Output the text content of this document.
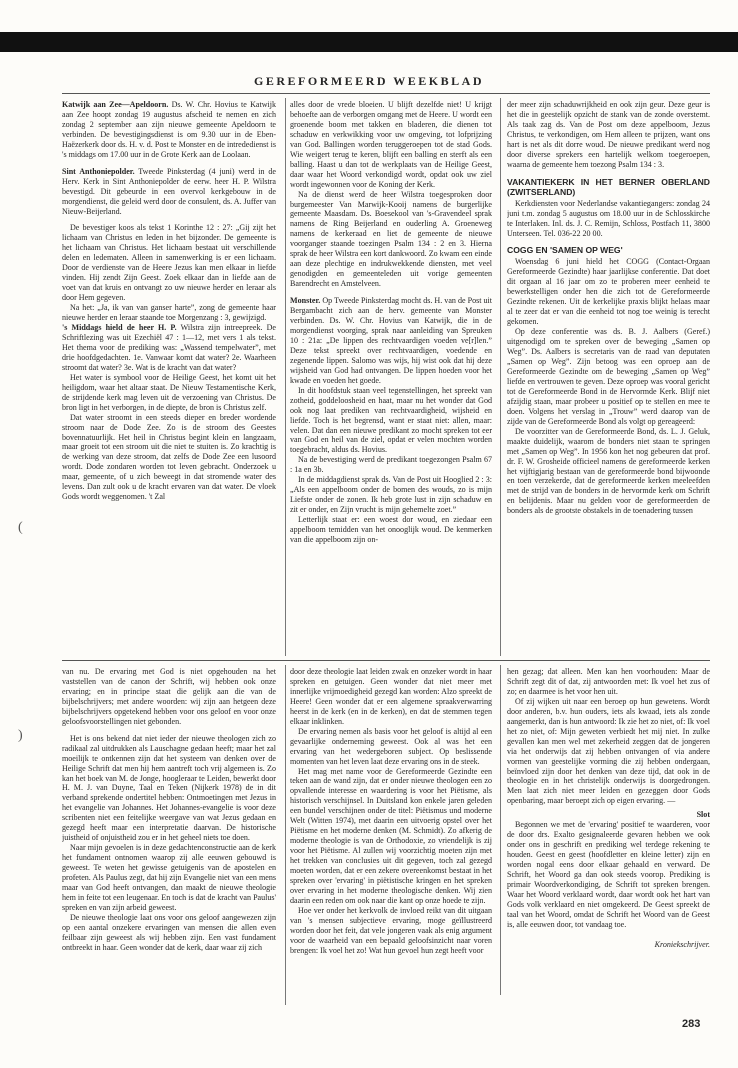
GEREFORMEERD WEEKBLAD

Katwijk aan Zee—Apeldoorn. Ds. W. Chr. Hovius te Katwijk aan Zee hoopt zondag 19 augustus afscheid te nemen en zich zondag 2 september aan zijn nieuwe gemeente Apeldoorn te verbinden. De bevestigingsdienst is om 9.30 uur in de Eben-Haëzerkerk door ds. H. v. d. Post te Monster en de intrededienst is 's middags om 17.00 uur in de Grote Kerk aan de Loolaan.

Sint Anthoniepolder. Tweede Pinksterdag (4 juni) werd in de Herv. Kerk in Sint Anthoniepolder de eerw. heer H. P. Wilstra bevestigd. Dit gebeurde in een overvol kerkgebouw in de morgendienst, die geleid werd door de consulent, ds. A. Juffer van Nieuw-Beijerland.

De bevestiger koos als tekst 1 Korinthe 12 : 27: „Gij zijt het lichaam van Christus en leden in het bijzonder. De gemeente is het lichaam van Christus. Het lichaam bestaat uit verschillende delen en ledematen. Alleen in samenwerking is er een lichaam. Door de verdienste van de Heere Jezus kan men elkaar in liefde vinden. Hij zendt Zijn Geest. Zoek elkaar dan in liefde aan de voet van dat kruis en ontvangt zo uw nieuwe herder en leraar als door Hem gegeven.

Na het: „Ja, ik van van ganser harte”, zong de gemeente haar nieuwe herder en leraar staande toe Morgenzang : 3, gewijzigd.

's Middags hield de heer H. P. Wilstra zijn intreepreek. De Schriftlezing was uit Ezechiël 47 : 1—12, met vers 1 als tekst. Het thema voor de prediking was: „Wassend tempelwater”, met drie hoofdgedachten. 1e. Vanwaar komt dat water? 2e. Waarheen stroomt dat water? 3e. Wat is de kracht van dat water?

Het water is symbool voor de Heilige Geest, het komt uit het heiligdom, waar het altaar staat. De Nieuw Testamentische Kerk, de strijdende kerk mag leven uit de verzoening van Christus. De bron ligt in het verborgen, in de diepte, de bron is Christus zelf.

Dat water stroomt in een steeds dieper en breder wordende stroom naar de Dode Zee. Zo is de stroom des Geestes bovennatuurlijk. Het heil in Christus begint klein en langzaam, maar groeit tot een stroom uit die niet te stuiten is. Zo krachtig is de werking van deze stroom, dat zelfs de Dode Zee een lusoord wordt. Dode zondaren worden tot leven gebracht. Onderzoek u maar, gemeente, of u zich beweegt in dat stromende water des levens. Dan zult ook u de kracht ervaren van dat water. De vloek Gods wordt weggenomen. 't Zal

alles door de vrede bloeien. U blijft dezelfde niet! U krijgt behoefte aan de verborgen omgang met de Heere. U wordt een groenende boom met takken en bladeren, die dienen tot schaduw en verkwikking voor uw omgeving, tot lofprijzing van God. Ballingen worden teruggeroepen tot de stad Gods. Wie weigert terug te keren, blijft een balling en sterft als een balling. Haast u dan tot de werkplaats van de Heilige Geest, daar waar het Woord verkondigd wordt, opdat ook uw ziel wordt ingewonnen voor de Koning der Kerk.

Na de dienst werd de heer Wilstra toegesproken door burgemeester Van Marwijk-Kooij namens de burgerlijke gemeente Maasdam. Ds. Boesekool van 's-Gravendeel sprak namens de Ring Beijerland en ouderling A. Groeneweg namens de kerkeraad en liet de gemeente de nieuwe voorganger staande toezingen Psalm 134 : 2 en 3. Hierna sprak de heer Wilstra een kort dankwoord. Zo kwam een einde aan deze plechtige en indrukwekkende diensten, met veel genodigden en gemeenteleden uit vorige gemeenten Barendrecht en Amstelveen.

Monster. Op Tweede Pinksterdag mocht ds. H. van de Post uit Bergambacht zich aan de herv. gemeente van Monster verbinden. Ds. W. Chr. Hovius van Katwijk, die in de morgendienst voorging, sprak naar aanleiding van Spreuken 10 : 21a: „De lippen des rechtvaardigen voeden ve[r]len.” Deze tekst spreekt over rechtvaardigen, voedende en zegenende lippen. Salomo was wijs, hij wist ook dat hij deze wijsheid van God had ontvangen. De lippen hoeden voor het kwade en voeden het goede.

In dit hoofdstuk staan veel tegenstellingen, het spreekt van zotheid, goddeloosheid en haat, maar nu het wonder dat God ook nog laat prediken van rechtvaardigheid, wijsheid en liefde. Toch is het begrensd, want er staat niet: allen, maar: velen. Dat dan een nieuwe predikant zo mocht spreken tot eer van God en heil van de ziel, opdat er velen mochten worden toegebracht, aldus ds. Hovius.

Na de bevestiging werd de predikant toegezongen Psalm 67 : 1a en 3b.

In de middagdienst sprak ds. Van de Post uit Hooglied 2 : 3: „Als een appelboom onder de bomen des wouds, zo is mijn Liefste onder de zonen. Ik heb grote lust in zijn schaduw en zit er onder, en Zijn vrucht is mijn gehemelte zoet.”

Letterlijk staat er: een woest dor woud, en ziedaar een appelboom temidden van het onooglijk woud. De kenmerken van die appelboom zijn on-

der meer zijn schaduwrijkheid en ook zijn geur. Deze geur is het die in geestelijk opzicht de stank van de zonde overstemt. Als taak zag ds. Van de Post om deze appelboom, Jezus Christus, te verkondigen, om Hem alleen te prijzen, want ons hart is net als dit dorre woud. De nieuwe predikant werd nog door diverse sprekers een hartelijk welkom toegeroepen, waarna de gemeente hem toezong Psalm 134 : 3.

VAKANTIEKERK IN HET BERNER OBERLAND (ZWITSERLAND)

Kerkdiensten voor Nederlandse vakantiegangers: zondag 24 juni t.m. zondag 5 augustus om 18.00 uur in de Schlosskirche te Interlaken. Inl. ds. J. C. Remijn, Schloss, Postfach 11, 3800 Unterseen. Tel. 036-22 20 00.

COGG EN 'SAMEN OP WEG'

Woensdag 6 juni hield het COGG (Contact-Orgaan Gereformeerde Gezindte) haar jaarlijkse conferentie. Dat doet dit orgaan al 16 jaar om zo te proberen meer eenheid te bewerkstelligen onder hen die zich tot de Gereformeerde Gezindte rekenen. Uit de kerkelijke praxis blijkt helaas maar al te zeer dat er van die eenheid tot nog toe weinig is terecht gekomen.

Op deze conferentie was ds. B. J. Aalbers (Geref.) uitgenodigd om te spreken over de beweging „Samen op Weg”. Ds. Aalbers is secretaris van de raad van deputaten „Samen op Weg”. Zijn betoog was een oproep aan de Gereformeerde Gezindte om de beweging „Samen op Weg” liefde en vertrouwen te geven. Deze oproep was vooral gericht tot de Gereformeerde Bond in de Hervormde Kerk. Blijf niet afzijdig staan, maar probeer u positief op te stellen en mee te doen. Volgens het verslag in „Trouw” werd daarop van de zijde van de Gereformeerde Bond als volgt op gereageerd:

De voorzitter van de Gereformeerde Bond, ds. L. J. Geluk, maakte duidelijk, waarom de bonders niet staan te springen met „Samen op Weg”. In 1956 kon het nog gebeuren dat prof. dr. F. W. Grosheide officieel namens de gereformeerde kerken het vijftigjarig bestaan van de gereformeerde bond bijwoonde en toen verzekerde, dat de gereformeerde kerken meeleefden met de strijd van de bonders in de hervormde kerk om Schrift en belijdenis. Maar nu gelden voor de gereformeerden de bonders als de grootste obstakels in de toenadering tussen

van nu. De ervaring met God is niet opgehouden na het vaststellen van de canon der Schrift, wij hebben ook onze ervaring; en in principe staat die gelijk aan die van de bijbelschrijvers; met andere woorden: wij zijn aan hetgeen deze bijbelschrijvers opgetekend hebben voor ons geloof en voor onze geloofsvoorstellingen niet gebonden.

Het is ons bekend dat niet ieder der nieuwe theologen zich zo radikaal zal uitdrukken als Lauschagne gedaan heeft; maar het zal moeilijk te ontkennen zijn dat het systeem van denken over de Heilige Schrift dat men hij hem aantreft toch vrij algemeen is. Zo kan het boek van M. de Jonge, hoogleraar te Leiden, bewerkt door H. M. J. van Duyne, Taal en Teken (Nijkerk 1978) de in dit verband sprekende ondertitel hebben: Ontmoetingen met Jezus in het evangelie van Johannes. Het Johannes-evangelie is voor deze scribenten niet een feitelijke weergave van wat Jezus gedaan en gezegd heeft maar een interpretatie daarvan. De historische juistheid of onjuistheid zou er in het geheel niets toe doen.

Naar mijn gevoelen is in deze gedachtenconstructie aan de kerk het fundament ontnomen waarop zij alle eeuwen gebouwd is geweest. Te weten het gewisse getuigenis van de apostelen en profeten. Als Paulus zegt, dat hij zijn Evangelie niet van een mens maar van God heeft ontvangen, dan maakt de nieuwe theologie hem in feite tot een leugenaar. En toch is dat de kracht van Paulus' spreken en van zijn arbeid geweest.

De nieuwe theologie laat ons voor ons geloof aangewezen zijn op een aantal onzekere ervaringen van mensen die allen even feilbaar zijn geweest als wij hebben zijn. Een vast fundament ontbreekt in haar. Geen wonder dat de kerk, daar waar zij zich

door deze theologie laat leiden zwak en onzeker wordt in haar spreken en getuigen. Geen wonder dat niet meer met innerlijke vrijmoedigheid gezegd kan worden: Alzo spreekt de Heere! Geen wonder dat er een algemene spraakverwarring heerst in de kerk (en in de kerken), en dat de stemmen tegen elkaar inklinken.

De ervaring nemen als basis voor het geloof is altijd al een gevaarlijke onderneming geweest. Ook al was het een ervaring van het wedergeboren subject. Op beslissende momenten van het leven laat deze ervaring ons in de steek.

Het mag met name voor de Gereformeerde Gezindte een teken aan de wand zijn, dat er onder nieuwe theologen een zo opvallende interesse en waardering is voor het Piëtisme, als historisch verschijnsel. In Duitsland kon enkele jaren geleden een bundel verschijnen onder de titel: Piëtismus und moderne Welt (Witten 1974), met daarin een uitvoerig opstel over het Piëtisme en het moderne denken (M. Schmidt). Zo afkerig de moderne theologie is van de Orthodoxie, zo vriendelijk is zij voor het Piëtisme. Al zullen wij voorzichtig moeten zijn met het trekken van conclusies uit dit gegeven, toch zal gezegd moeten worden, dat er een zekere overeenkomst bestaat in het spreken over 'ervaring' in piëtistische kringen en het spreken over ervaring in het moderne theologische denken. Wij zien daarin een reden om ook naar die kant op onze hoede te zijn.

Hoe ver onder het kerkvolk de invloed reikt van dit uitgaan van 's mensen subjectieve ervaring, moge geïllustreerd worden door het feit, dat vele jongeren vaak als enig argument voor de waarheid van een bepaald geloofsinzicht naar voren brengen: Ik voel het zo! Wat hun gevoel hun zegt heeft voor

hen gezag; dat alleen. Men kan hen voorhouden: Maar de Schrift zegt dit of dat, zij antwoorden met: Ik voel het zus of zo; en daarmee is het voor hen uit.

Of zij wijken uit naar een beroep op hun gewetens. Wordt door anderen, b.v. hun ouders, iets als kwaad, iets als zonde aangemerkt, dan is hun antwoord: Ik zie het zo niet, of: Ik voel het zo niet, of: Mijn geweten verbiedt het mij niet. In zulke gevallen kan men wel met zekerheid zeggen dat de jongeren via het onderwijs dat zij hebben ontvangen of via andere vormen van geestelijke vorming die zij hebben ondergaan, beïnvloed zijn door het denken van deze tijd, dat ook in de theologie en in het christelijk onderwijs is doorgedrongen. Men laat zich niet meer leiden en gezeggen door Gods openbaring, maar beroept zich op eigen ervaring. —

Slot

Begonnen we met de 'ervaring' positief te waarderen, voor de door drs. Exalto gesignaleerde gevaren hebben we ook onder ons in geschrift en prediking wel terdege rekening te houden. Geest en geest (hoofdletter en kleine letter) zijn en worden nogal eens door elkaar gehaald en verward. De Schrift, het Woord ga dan ook steeds voorop. Prediking is primair Woordverkondiging, de Schrift tot spreken brengen. Waar het Woord verklaard wordt, daar wordt ook het hart van Gods volk verklaard en niet omgekeerd. De Geest spreekt de taal van het Woord, omdat de Schrift het Woord van de Geest is, alle eeuwen door, tot vandaag toe.

Kroniekschrijver.

(
)
283
